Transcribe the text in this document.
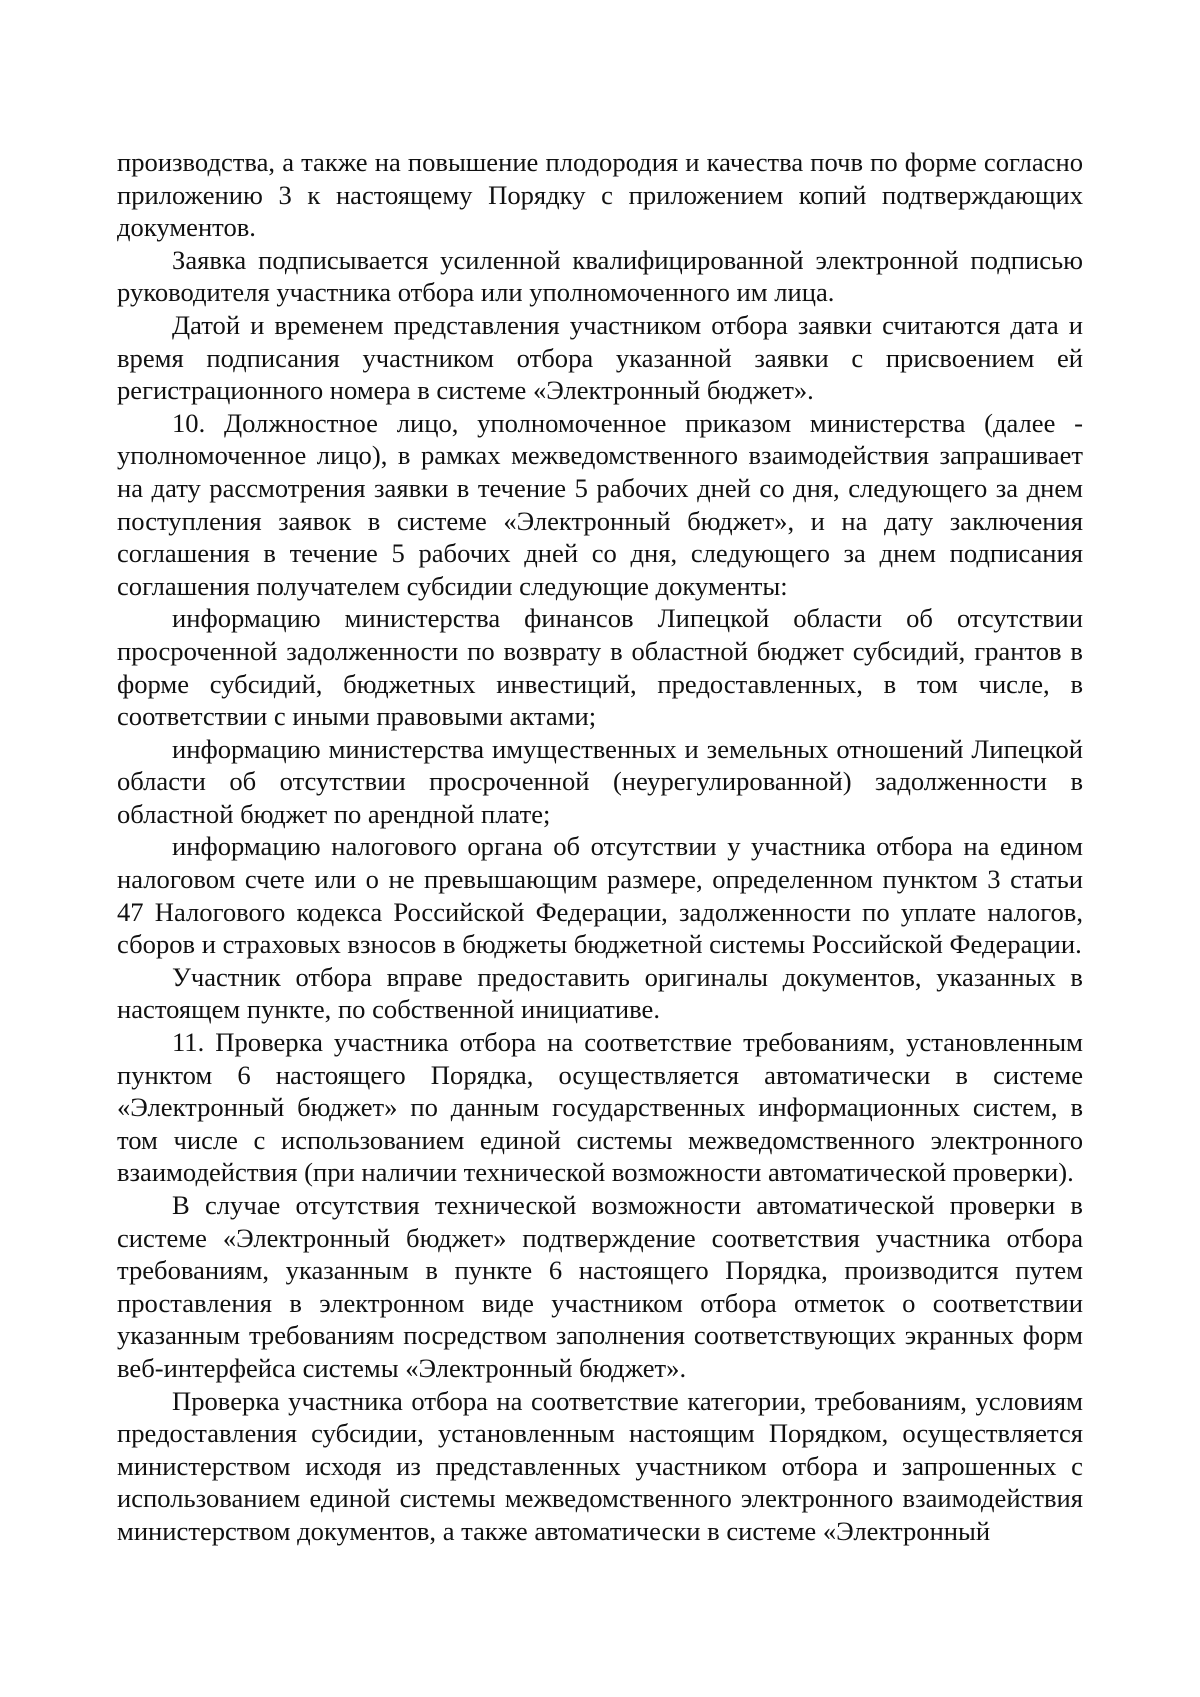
производства, а также на повышение плодородия и качества почв по форме согласно приложению 3 к настоящему Порядку с приложением копий подтверждающих документов.

Заявка подписывается усиленной квалифицированной электронной подписью руководителя участника отбора или уполномоченного им лица.

Датой и временем представления участником отбора заявки считаются дата и время подписания участником отбора указанной заявки с присвоением ей регистрационного номера в системе «Электронный бюджет».

10. Должностное лицо, уполномоченное приказом министерства (далее - уполномоченное лицо), в рамках межведомственного взаимодействия запрашивает на дату рассмотрения заявки в течение 5 рабочих дней со дня, следующего за днем поступления заявок в системе «Электронный бюджет», и на дату заключения соглашения в течение 5 рабочих дней со дня, следующего за днем подписания соглашения получателем субсидии следующие документы:

информацию министерства финансов Липецкой области об отсутствии просроченной задолженности по возврату в областной бюджет субсидий, грантов в форме субсидий, бюджетных инвестиций, предоставленных, в том числе, в соответствии с иными правовыми актами;

информацию министерства имущественных и земельных отношений Липецкой области об отсутствии просроченной (неурегулированной) задолженности в областной бюджет по арендной плате;

информацию налогового органа об отсутствии у участника отбора на едином налоговом счете или о не превышающим размере, определенном пунктом 3 статьи 47 Налогового кодекса Российской Федерации, задолженности по уплате налогов, сборов и страховых взносов в бюджеты бюджетной системы Российской Федерации.

Участник отбора вправе предоставить оригиналы документов, указанных в настоящем пункте, по собственной инициативе.

11. Проверка участника отбора на соответствие требованиям, установленным пунктом 6 настоящего Порядка, осуществляется автоматически в системе «Электронный бюджет» по данным государственных информационных систем, в том числе с использованием единой системы межведомственного электронного взаимодействия (при наличии технической возможности автоматической проверки).

В случае отсутствия технической возможности автоматической проверки в системе «Электронный бюджет» подтверждение соответствия участника отбора требованиям, указанным в пункте 6 настоящего Порядка, производится путем проставления в электронном виде участником отбора отметок о соответствии указанным требованиям посредством заполнения соответствующих экранных форм веб-интерфейса системы «Электронный бюджет».

Проверка участника отбора на соответствие категории, требованиям, условиям предоставления субсидии, установленным настоящим Порядком, осуществляется министерством исходя из представленных участником отбора и запрошенных с использованием единой системы межведомственного электронного взаимодействия министерством документов, а также автоматически в системе «Электронный
